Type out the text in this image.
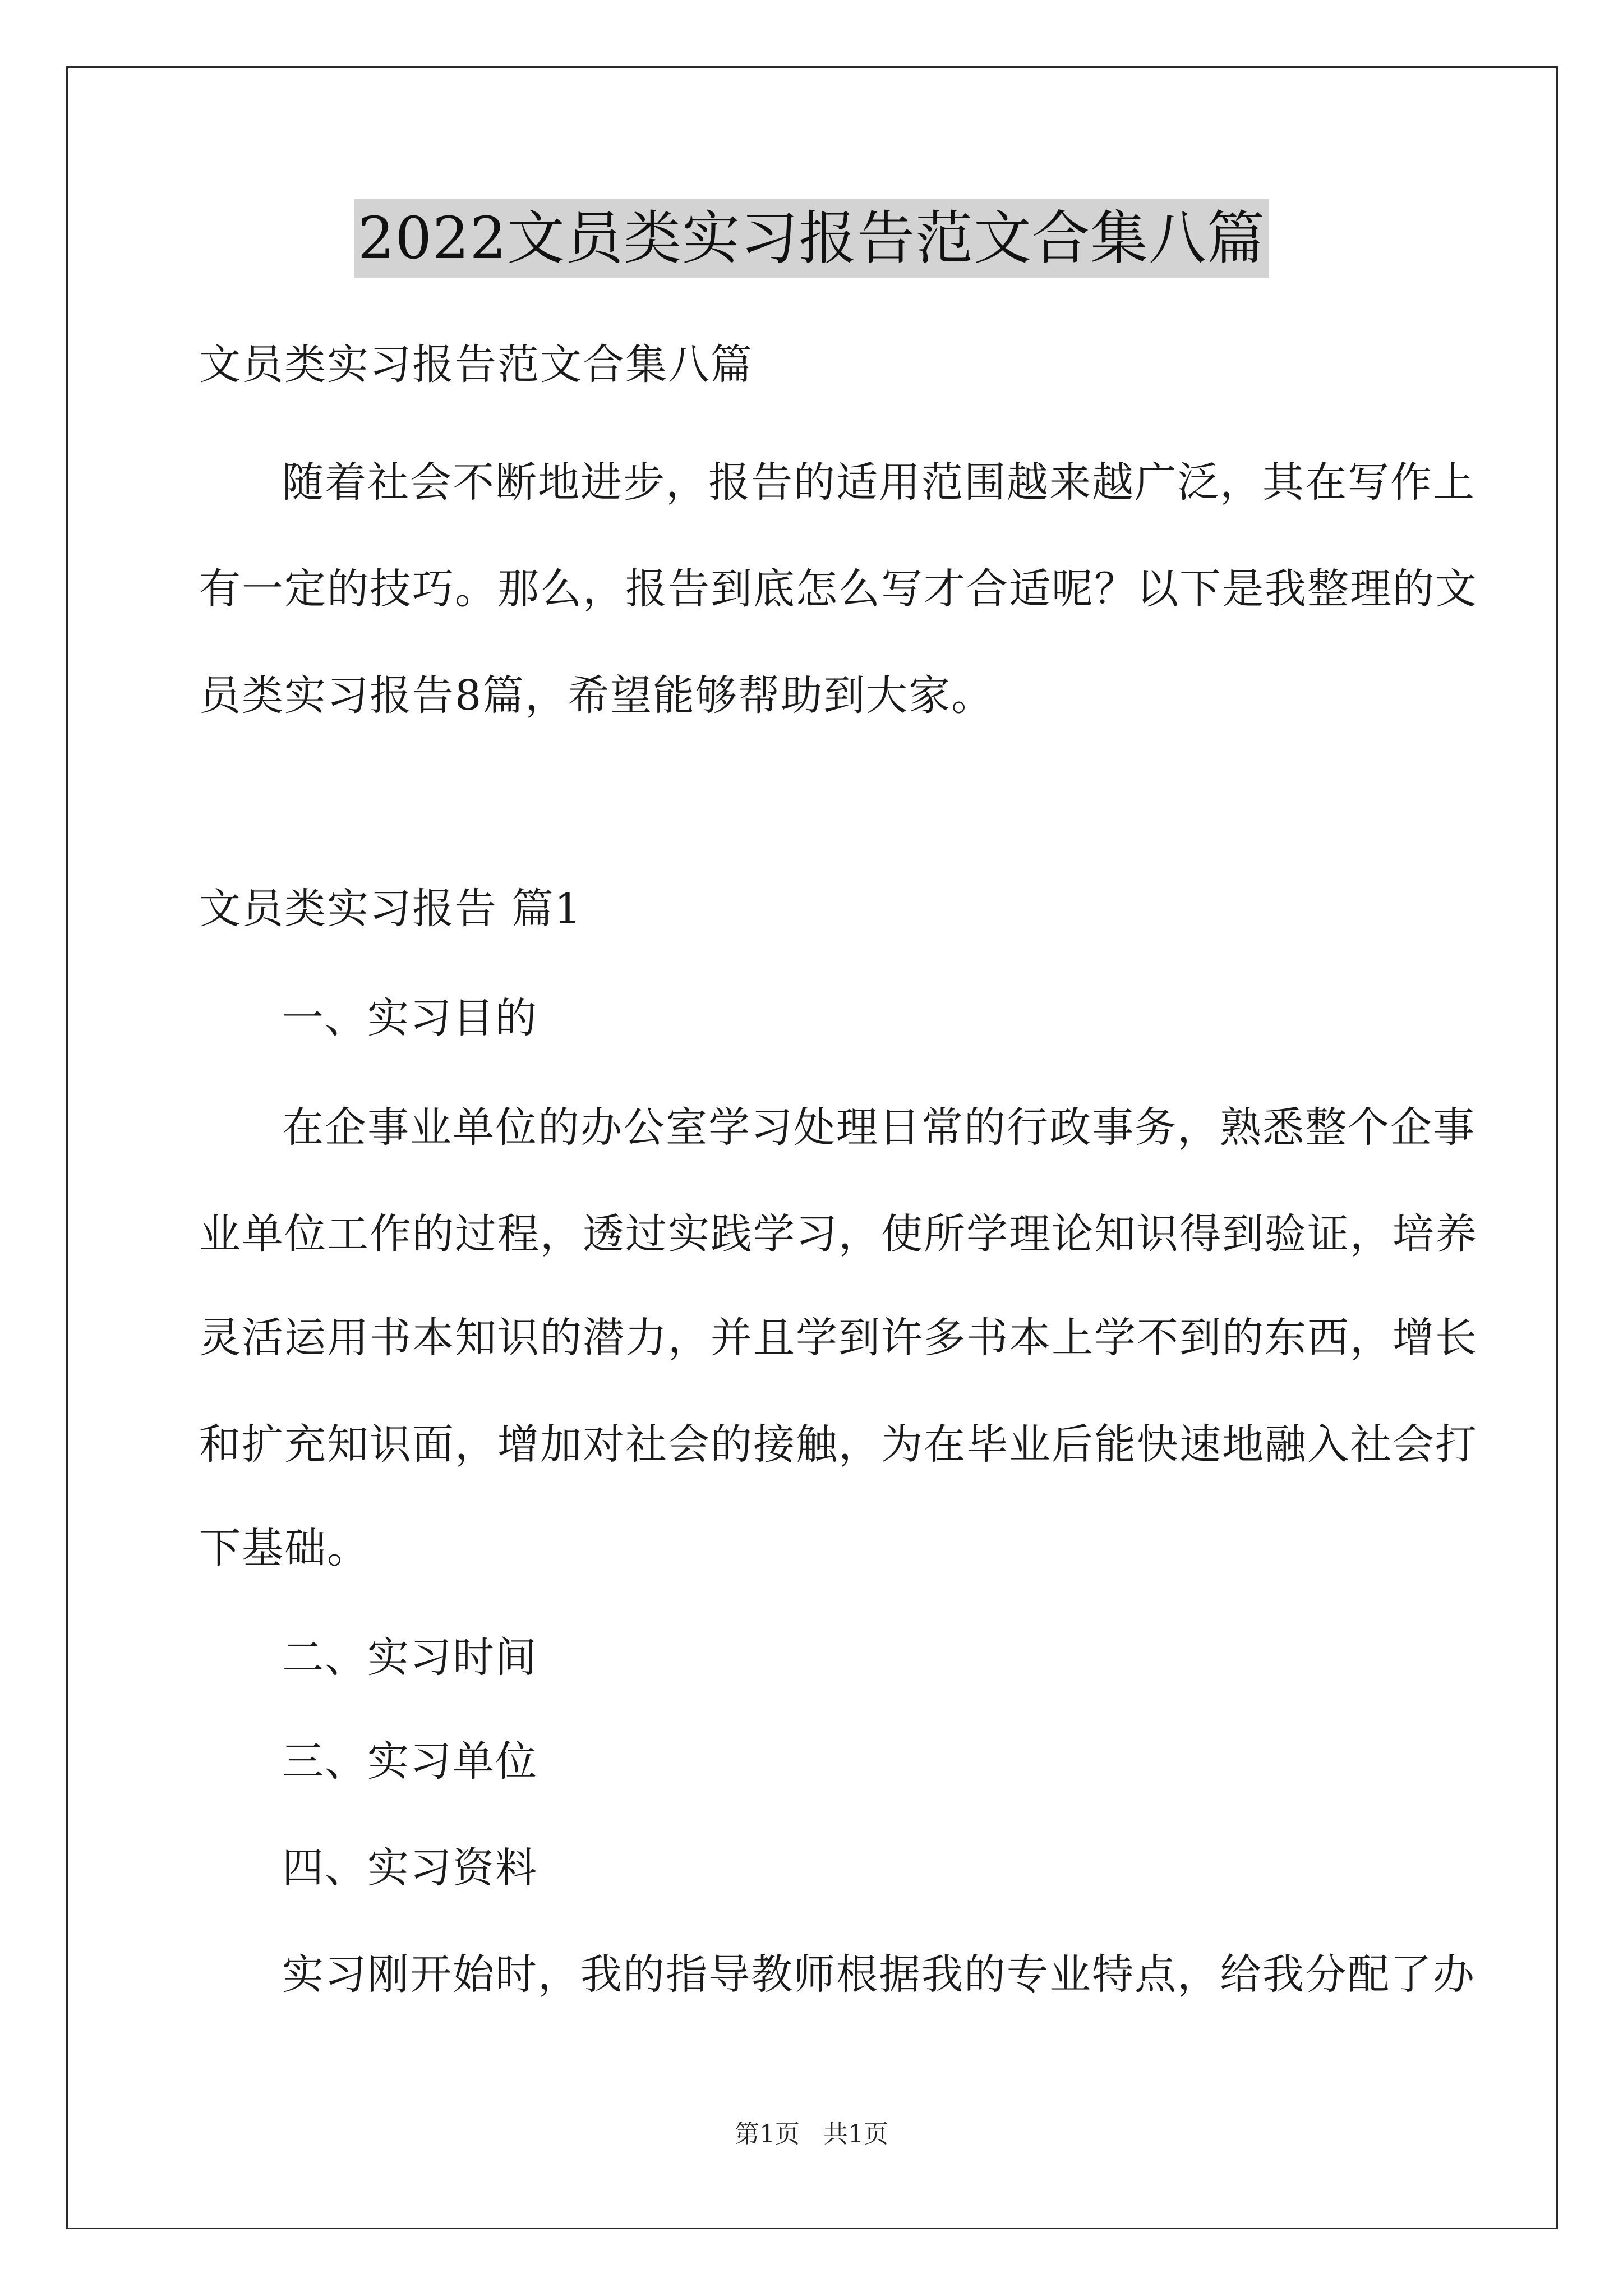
2022文员类实习报告范文合集八篇
文员类实习报告范文合集八篇
随着社会不断地进步，报告的适用范围越来越广泛，其在写作上
有一定的技巧。那么，报告到底怎么写才合适呢？以下是我整理的文
员类实习报告8篇，希望能够帮助到大家。
文员类实习报告 篇1
一、实习目的
在企事业单位的办公室学习处理日常的行政事务，熟悉整个企事
业单位工作的过程，透过实践学习，使所学理论知识得到验证，培养
灵活运用书本知识的潜力，并且学到许多书本上学不到的东西，增长
和扩充知识面，增加对社会的接触，为在毕业后能快速地融入社会打
下基础。
二、实习时间
三、实习单位
四、实习资料
实习刚开始时，我的指导教师根据我的专业特点，给我分配了办
第1页   共1页
